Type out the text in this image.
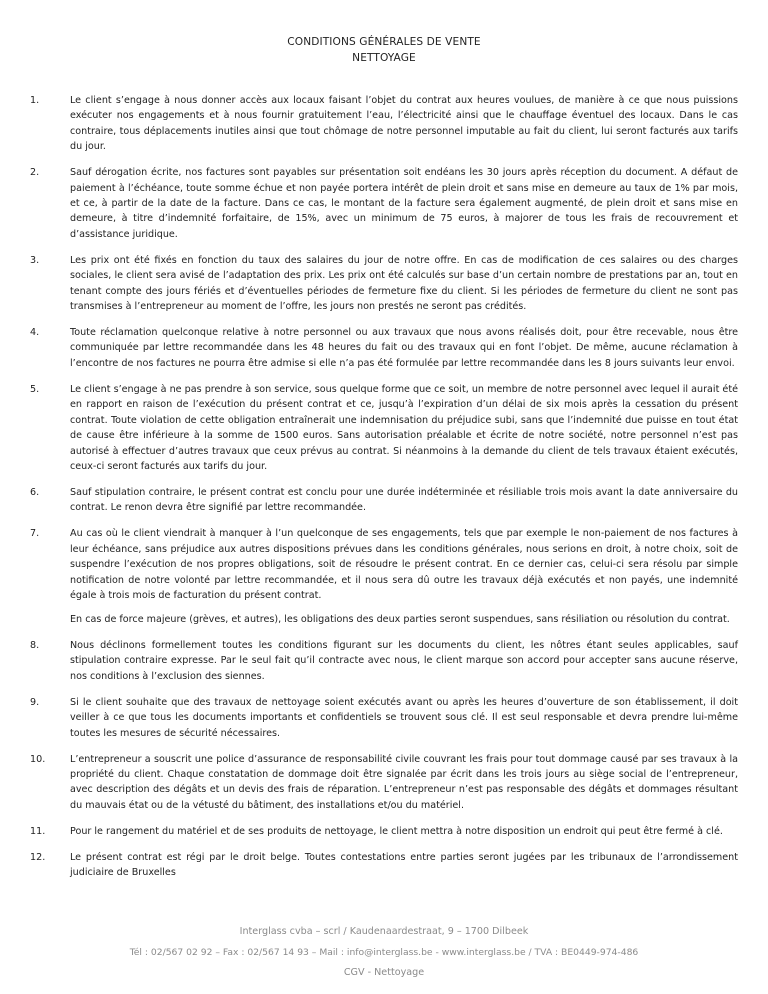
CONDITIONS GÉNÉRALES DE VENTE
NETTOYAGE
1.	Le client s’engage à nous donner accès aux locaux faisant l’objet du contrat aux heures voulues, de manière à ce que nous puissions exécuter nos engagements et à nous fournir gratuitement l’eau, l’électricité ainsi que le chauffage éventuel des locaux. Dans le cas contraire, tous déplacements inutiles ainsi que tout chômage de notre personnel imputable au fait du client, lui seront facturés aux tarifs du jour.
2.	Sauf dérogation écrite, nos factures sont payables sur présentation soit endéans les 30 jours après réception du document. A défaut de paiement à l’échéance, toute somme échue et non payée portera intérêt de plein droit et sans mise en demeure au taux de 1% par mois, et ce, à partir de la date de la facture. Dans ce cas, le montant de la facture sera également augmenté, de plein droit et sans mise en demeure, à titre d’indemnité forfaitaire, de 15%, avec un minimum de 75 euros, à majorer de tous les frais de recouvrement et d’assistance juridique.
3.	Les prix ont été fixés en fonction du taux des salaires du jour de notre offre. En cas de modification de ces salaires ou des charges sociales, le client sera avisé de l’adaptation des prix. Les prix ont été calculés sur base d’un certain nombre de prestations par an, tout en tenant compte des jours fériés et d’éventuelles périodes de fermeture fixe du client. Si les périodes de fermeture du client ne sont pas transmises à l’entrepreneur au moment de l’offre, les jours non prestés ne seront pas crédités.
4.	Toute réclamation quelconque relative à notre personnel ou aux travaux que nous avons réalisés doit, pour être recevable, nous être communiquée par lettre recommandée dans les 48 heures du fait ou des travaux qui en font l’objet. De même, aucune réclamation à l’encontre de nos factures ne pourra être admise si elle n’a pas été formulée par lettre recommandée dans les 8 jours suivants leur envoi.
5.	Le client s’engage à ne pas prendre à son service, sous quelque forme que ce soit, un membre de notre personnel avec lequel il aurait été en rapport en raison de l’exécution du présent contrat et ce, jusqu’à l’expiration d’un délai de six mois après la cessation du présent contrat. Toute violation de cette obligation entraînerait une indemnisation du préjudice subi, sans que l’indemnité due puisse en tout état de cause être inférieure à la somme de 1500 euros. Sans autorisation préalable et écrite de notre société, notre personnel n’est pas autorisé à effectuer d’autres travaux que ceux prévus au contrat. Si néanmoins à la demande du client de tels travaux étaient exécutés, ceux-ci seront facturés aux tarifs du jour.
6.	Sauf stipulation contraire, le présent contrat est conclu pour une durée indéterminée et résiliable trois mois avant la date anniversaire du contrat. Le renon devra être signifié par lettre recommandée.
7.	Au cas où le client viendrait à manquer à l’un quelconque de ses engagements, tels que par exemple le non-paiement de nos factures à leur échéance, sans préjudice aux autres dispositions prévues dans les conditions générales, nous serions en droit, à notre choix, soit de suspendre l’exécution de nos propres obligations, soit de résoudre le présent contrat. En ce dernier cas, celui-ci sera résolu par simple notification de notre volonté par lettre recommandée, et il nous sera dû outre les travaux déjà exécutés et non payés, une indemnité égale à trois mois de facturation du présent contrat.
En cas de force majeure (grèves, et autres), les obligations des deux parties seront suspendues, sans résiliation ou résolution du contrat.
8.	Nous déclinons formellement toutes les conditions figurant sur les documents du client, les nôtres étant seules applicables, sauf stipulation contraire expresse. Par le seul fait qu’il contracte avec nous, le client marque son accord pour accepter sans aucune réserve, nos conditions à l’exclusion des siennes.
9.	Si le client souhaite que des travaux de nettoyage soient exécutés avant ou après les heures d’ouverture de son établissement, il doit veiller à ce que tous les documents importants et confidentiels se trouvent sous clé. Il est seul responsable et devra prendre lui-même toutes les mesures de sécurité nécessaires.
10.	L’entrepreneur a souscrit une police d’assurance de responsabilité civile couvrant les frais pour tout dommage causé par ses travaux à la propriété du client. Chaque constatation de dommage doit être signalée par écrit dans les trois jours au siège social de l’entrepreneur, avec description des dégâts et un devis des frais de réparation. L’entrepreneur n’est pas responsable des dégâts et dommages résultant du mauvais état ou de la vétusté du bâtiment, des installations et/ou du matériel.
11.	Pour le rangement du matériel et de ses produits de nettoyage, le client mettra à notre disposition un endroit qui peut être fermé à clé.
12.	Le présent contrat est régi par le droit belge. Toutes contestations entre parties seront jugées par les tribunaux de l’arrondissement judiciaire de Bruxelles
Interglass cvba – scrl / Kaudenaardestraat, 9 – 1700 Dilbeek
Tél : 02/567 02 92 – Fax : 02/567 14 93 – Mail : info@interglass.be - www.interglass.be / TVA : BE0449-974-486
CGV - Nettoyage
